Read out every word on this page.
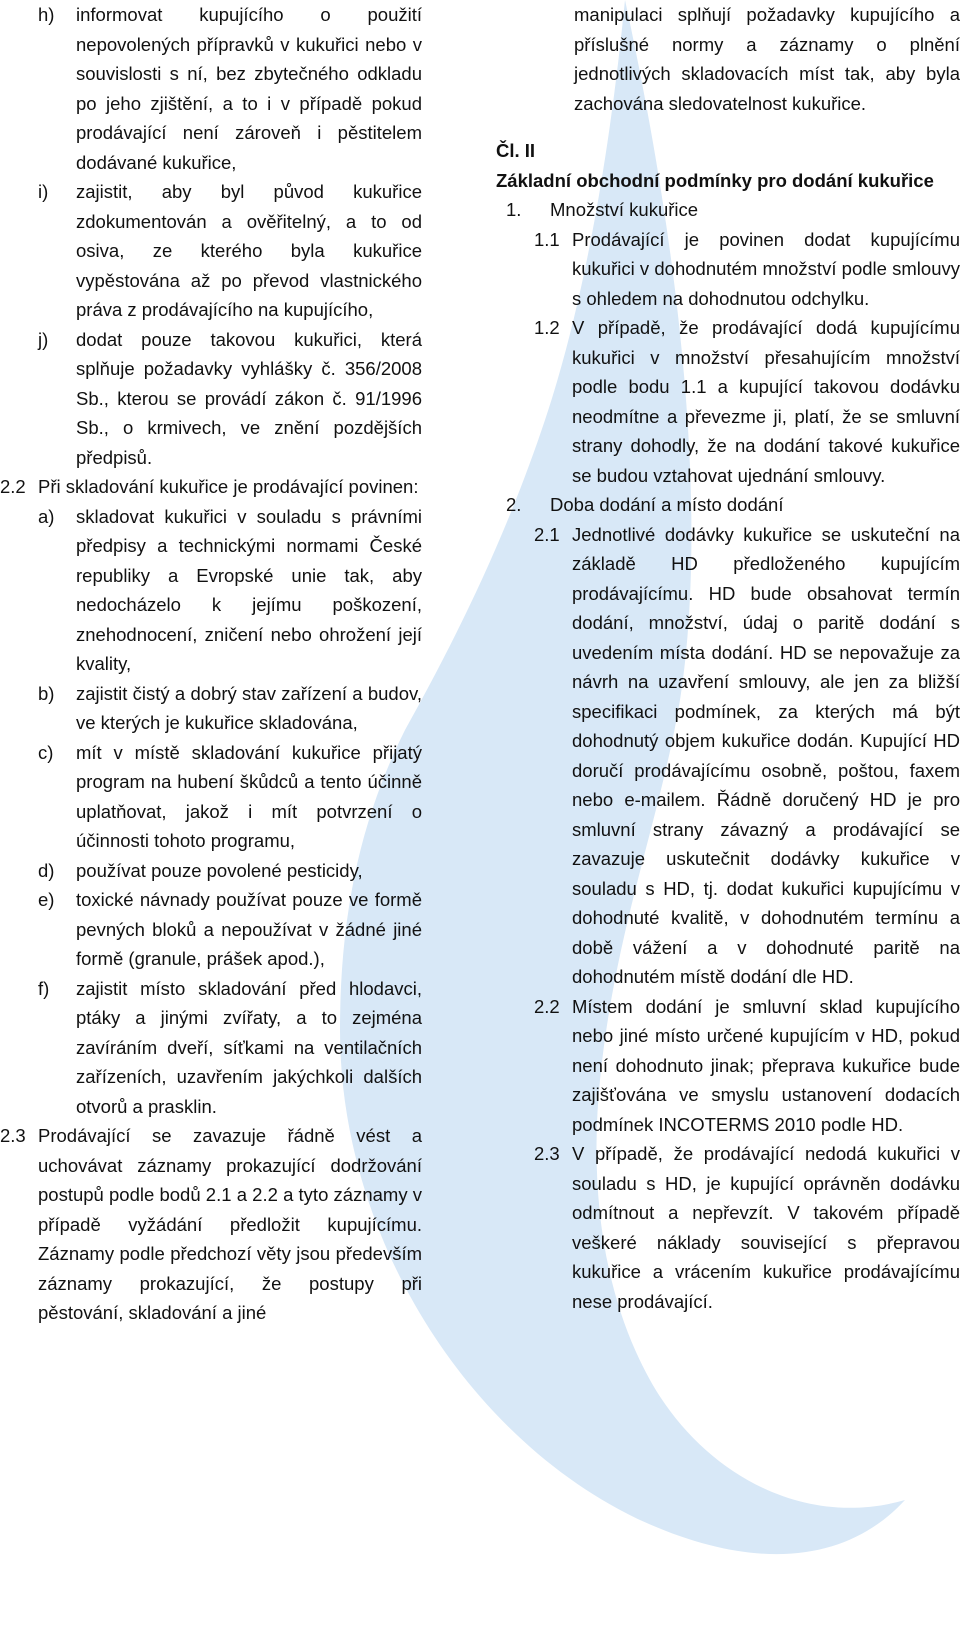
h)	informovat kupujícího o použití nepovolených přípravků v kukuřici nebo v souvislosti s ní, bez zbytečného odkladu po jeho zjištění, a to i v případě pokud prodávající není zároveň i pěstitelem dodávané kukuřice,
i)	zajistit, aby byl původ kukuřice zdokumentován a ověřitelný, a to od osiva, ze kterého byla kukuřice vypěstována až po převod vlastnického práva z prodávajícího na kupujícího,
j)	dodat pouze takovou kukuřici, která splňuje požadavky vyhlášky č. 356/2008 Sb., kterou se provádí zákon č. 91/1996 Sb., o krmivech, ve znění pozdějších předpisů.
2.2 Při skladování kukuřice je prodávající povinen:
a)	skladovat kukuřici v souladu s právními předpisy a technickými normami České republiky a Evropské unie tak, aby nedocházelo k jejímu poškození, znehodnocení, zničení nebo ohrožení její kvality,
b)	zajistit čistý a dobrý stav zařízení a budov, ve kterých je kukuřice skladována,
c)	mít v místě skladování kukuřice přijatý program na hubení škůdců a tento účinně uplatňovat, jakož i mít potvrzení o účinnosti tohoto programu,
d)	používat pouze povolené pesticidy,
e)	toxické návnady používat pouze ve formě pevných bloků a nepoužívat v žádné jiné formě (granule, prášek apod.),
f)	zajistit místo skladování před hlodavci, ptáky a jinými zvířaty, a to zejména zavíráním dveří, síťkami na ventilačních zařízeních, uzavřením jakýchkoli dalších otvorů a prasklin.
2.3 Prodávající se zavazuje řádně vést a uchovávat záznamy prokazující dodržování postupů podle bodů 2.1 a 2.2 a tyto záznamy v případě vyžádání předložit kupujícímu. Záznamy podle předchozí věty jsou především záznamy prokazující, že postupy při pěstování, skladování a jiné
manipulaci splňují požadavky kupujícího a příslušné normy a záznamy o plnění jednotlivých skladovacích míst tak, aby byla zachována sledovatelnost kukuřice.
Čl. II
Základní obchodní podmínky pro dodání kukuřice
1.	Množství kukuřice
1.1 Prodávající je povinen dodat kupujícímu kukuřici v dohodnutém množství podle smlouvy s ohledem na dohodnutou odchylku.
1.2 V případě, že prodávající dodá kupujícímu kukuřici v množství přesahujícím množství podle bodu 1.1 a kupující takovou dodávku neodmítne a převezme ji, platí, že se smluvní strany dohodly, že na dodání takové kukuřice se budou vztahovat ujednání smlouvy.
2.	Doba dodání a místo dodání
2.1 Jednotlivé dodávky kukuřice se uskuteční na základě HD předloženého kupujícím prodávajícímu. HD bude obsahovat termín dodání, množství, údaj o paritě dodání s uvedením místa dodání. HD se nepovažuje za návrh na uzavření smlouvy, ale jen za bližší specifikaci podmínek, za kterých má být dohodnutý objem kukuřice dodán. Kupující HD doručí prodávajícímu osobně, poštou, faxem nebo e-mailem. Řádně doručený HD je pro smluvní strany závazný a prodávající se zavazuje uskutečnit dodávky kukuřice v souladu s HD, tj. dodat kukuřici kupujícímu v dohodnuté kvalitě, v dohodnutém termínu a době vážení a v dohodnuté paritě na dohodnutém místě dodání dle HD.
2.2 Místem dodání je smluvní sklad kupujícího nebo jiné místo určené kupujícím v HD, pokud není dohodnuto jinak; přeprava kukuřice bude zajišťována ve smyslu ustanovení dodacích podmínek INCOTERMS 2010 podle HD.
2.3 V případě, že prodávající nedodá kukuřici v souladu s HD, je kupující oprávněn dodávku odmítnout a nepřevzít. V takovém případě veškeré náklady související s přepravou kukuřice a vrácením kukuřice prodávajícímu nese prodávající.
